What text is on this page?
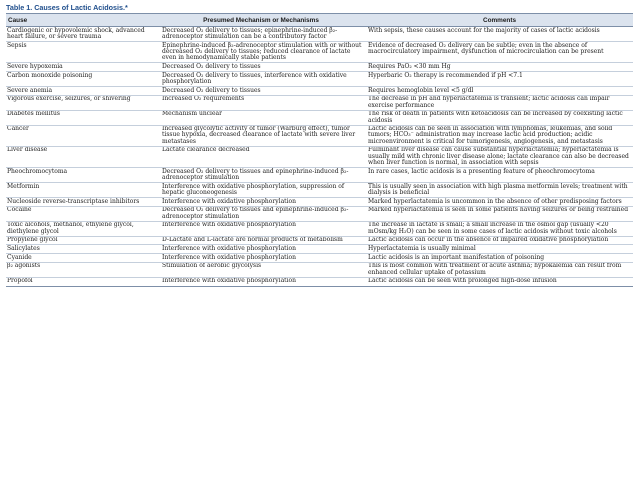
Table 1. Causes of Lactic Acidosis.*
Cause	Presumed Mechanism or Mechanisms	Comments
Cardiogenic or hypovolemic shock, advanced heart failure, or severe trauma	Decreased O₂ delivery to tissues; epinephrine-induced β₂-adrenoceptor stimulation can be a contributory factor	With sepsis, these causes account for the majority of cases of lactic acidosis
Sepsis	Epinephrine-induced β₂-adrenoceptor stimulation with or without decreased O₂ delivery to tissues; reduced clearance of lactate even in hemodynamically stable patients	Evidence of decreased O₂ delivery can be subtle; even in the absence of macrocirculatory impairment, dysfunction of microcirculation can be present
Severe hypoxemia	Decreased O₂ delivery to tissues	Requires PaO₂ <30 mm Hg
Carbon monoxide poisoning	Decreased O₂ delivery to tissues, interference with oxidative phosphorylation	Hyperbaric O₂ therapy is recommended if pH <7.1
Severe anemia	Decreased O₂ delivery to tissues	Requires hemoglobin level <5 g/dl
Vigorous exercise, seizures, or shivering	Increased O₂ requirements	The decrease in pH and hyperlactatemia is transient; lactic acidosis can impair exercise performance
Diabetes mellitus	Mechanism unclear	The risk of death in patients with ketoacidosis can be increased by coexisting lactic acidosis
Cancer	Increased glycolytic activity of tumor (Warburg effect), tumor tissue hypoxia, decreased clearance of lactate with severe liver metastases	Lactic acidosis can be seen in association with lymphomas, leukemias, and solid tumors; HCO₃⁻ administration may increase lactic acid production; acidic microenvironment is critical for tumorigenesis, angiogenesis, and metastasis
Liver disease	Lactate clearance decreased	Fulminant liver disease can cause substantial hyperlactatemia; hyperlactatemia is usually mild with chronic liver disease alone; lactate clearance can also be decreased when liver function is normal, in association with sepsis
Pheochromocytoma	Decreased O₂ delivery to tissues and epinephrine-induced β₂-adrenoceptor stimulation	In rare cases, lactic acidosis is a presenting feature of pheochromocytoma
Metformin	Interference with oxidative phosphorylation, suppression of hepatic gluconeogenesis	This is usually seen in association with high plasma metformin levels; treatment with dialysis is beneficial
Nucleoside reverse-transcriptase inhibitors	Interference with oxidative phosphorylation	Marked hyperlactatemia is uncommon in the absence of other predisposing factors
Cocaine	Decreased O₂ delivery to tissues and epinephrine-induced β₂-adrenoceptor stimulation	Marked hyperlactatemia is seen in some patients having seizures or being restrained
Toxic alcohols, methanol, ethylene glycol, diethylene glycol	Interference with oxidative phosphorylation	The increase in lactate is small; a small increase in the osmol gap (usually <20 mOsm/kg H₂O) can be seen in some cases of lactic acidosis without toxic alcohols
Propylene glycol	D-Lactate and L-lactate are normal products of metabolism	Lactic acidosis can occur in the absence of impaired oxidative phosphorylation
Salicylates	Interference with oxidative phosphorylation	Hyperlactatemia is usually minimal
Cyanide	Interference with oxidative phosphorylation	Lactic acidosis is an important manifestation of poisoning
β₂ agonists	Stimulation of aerobic glycolysis	This is most common with treatment of acute asthma; hypokalemia can result from enhanced cellular uptake of potassium
Propofol	Interference with oxidative phosphorylation	Lactic acidosis can be seen with prolonged high-dose infusion
